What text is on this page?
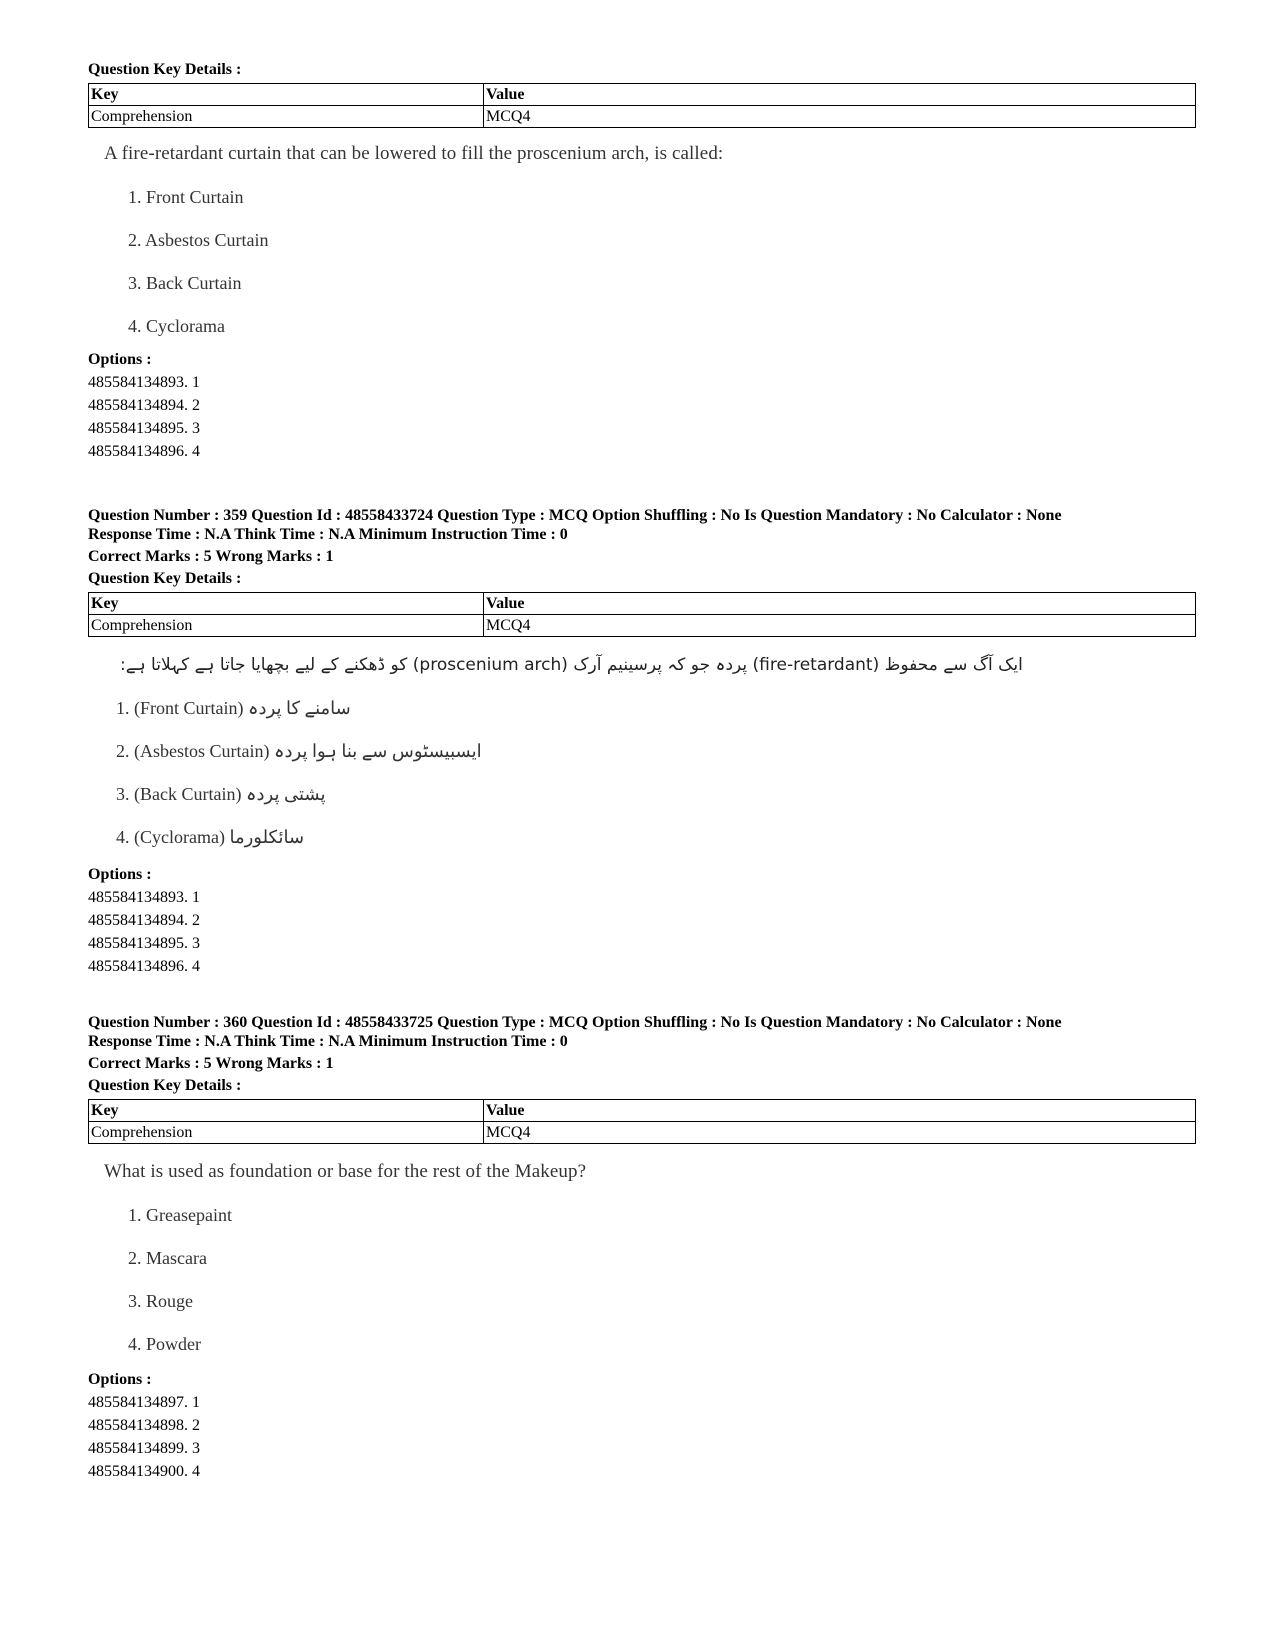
Question Key Details :

Key	Value
Comprehension	MCQ4

A fire-retardant curtain that can be lowered to fill the proscenium arch, is called:

1. Front Curtain

2. Asbestos Curtain

3. Back Curtain

4. Cyclorama

Options :

485584134893. 1
485584134894. 2
485584134895. 3
485584134896. 4

Question Number : 359 Question Id : 48558433724 Question Type : MCQ Option Shuffling : No Is Question Mandatory : No Calculator : None

Response Time : N.A Think Time : N.A Minimum Instruction Time : 0

Correct Marks : 5 Wrong Marks : 1

Question Key Details :

Key	Value
Comprehension	MCQ4

ایک آگ سے محفوظ (fire-retardant) پردہ جو کہ پرسینیم آرک (proscenium arch) کو ڈھکنے کے لیے بچھایا جاتا ہے کہلاتا ہے:

1. (Front Curtain) سامنے کا پردہ

2. (Asbestos Curtain) ایسبیسٹوس سے بنا ہوا پردہ

3. (Back Curtain) پشتی پردہ

4. (Cyclorama) سائکلورما

Options :

485584134893. 1
485584134894. 2
485584134895. 3
485584134896. 4

Question Number : 360 Question Id : 48558433725 Question Type : MCQ Option Shuffling : No Is Question Mandatory : No Calculator : None

Response Time : N.A Think Time : N.A Minimum Instruction Time : 0

Correct Marks : 5 Wrong Marks : 1

Question Key Details :

Key	Value
Comprehension	MCQ4

What is used as foundation or base for the rest of the Makeup?

1. Greasepaint

2. Mascara

3. Rouge

4. Powder

Options :

485584134897. 1
485584134898. 2
485584134899. 3
485584134900. 4
